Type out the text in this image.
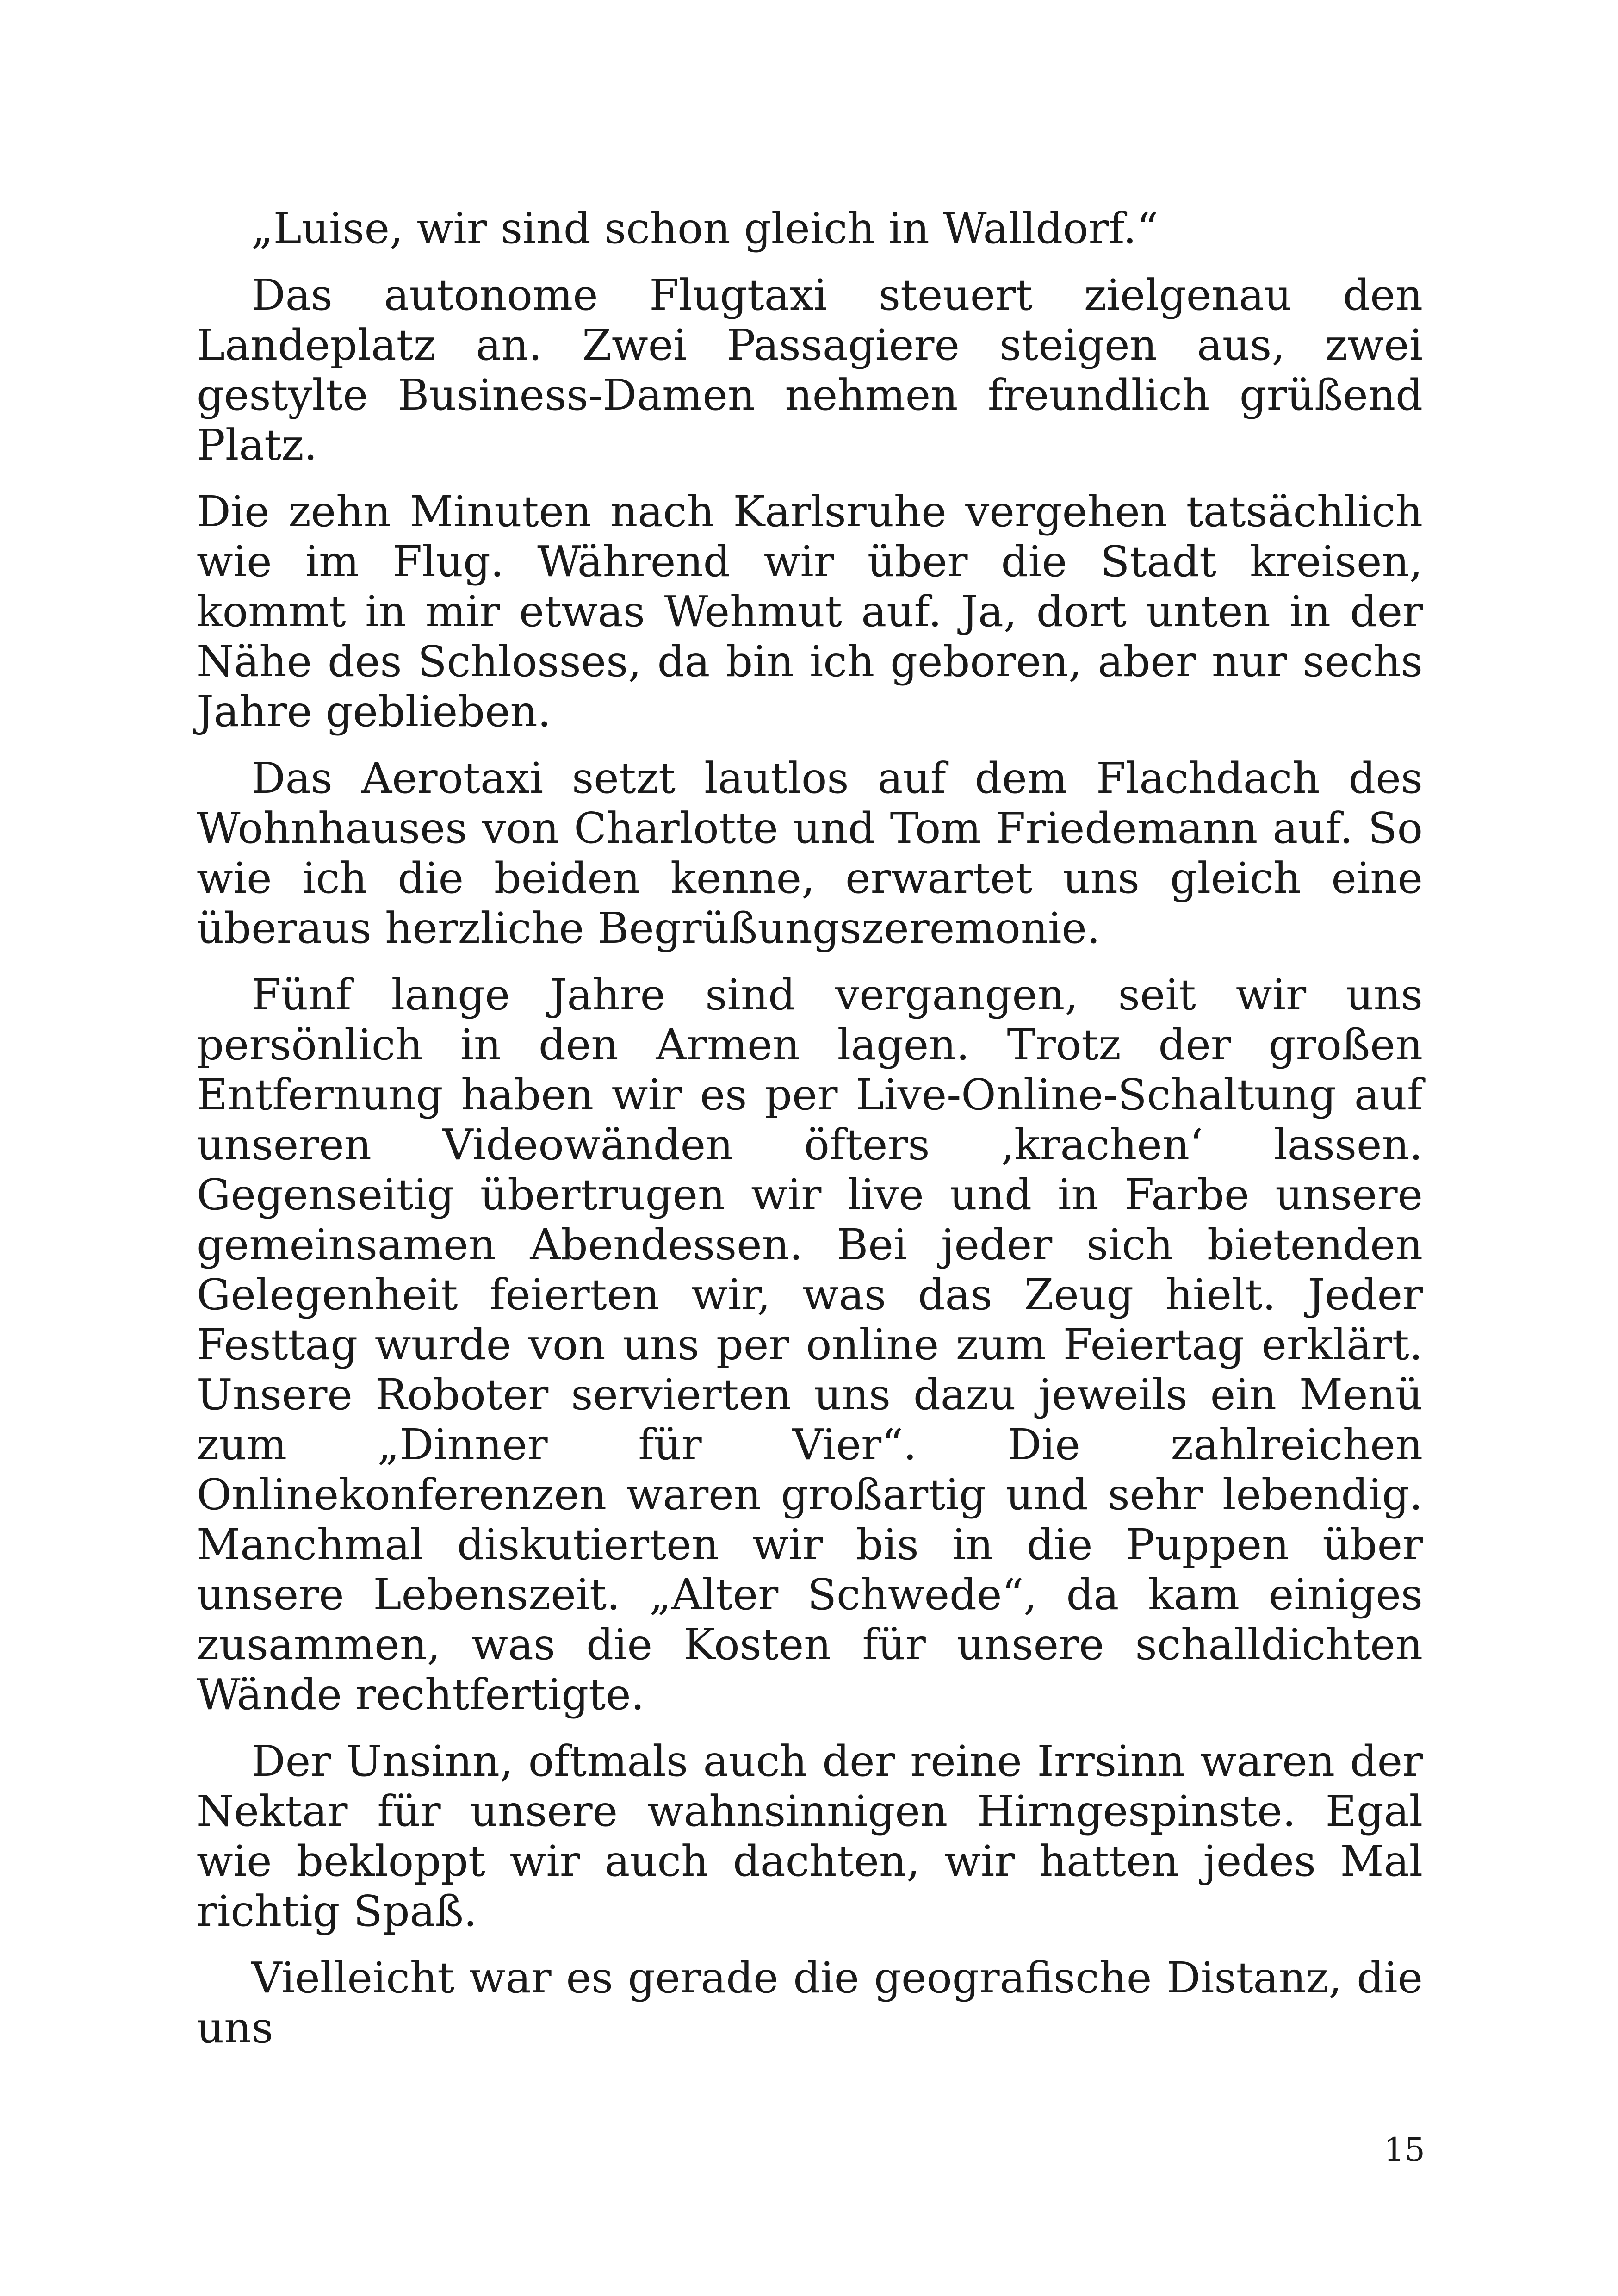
„Luise, wir sind schon gleich in Walldorf.“

Das autonome Flugtaxi steuert zielgenau den Landeplatz an. Zwei Passagiere steigen aus, zwei gestylte Business-Damen nehmen freundlich grüßend Platz.

Die zehn Minuten nach Karlsruhe vergehen tatsächlich wie im Flug. Während wir über die Stadt kreisen, kommt in mir etwas Wehmut auf. Ja, dort unten in der Nähe des Schlosses, da bin ich geboren, aber nur sechs Jahre geblieben.

Das Aerotaxi setzt lautlos auf dem Flachdach des Wohnhauses von Charlotte und Tom Friedemann auf. So wie ich die beiden kenne, erwartet uns gleich eine überaus herzliche Begrüßungszeremonie.

Fünf lange Jahre sind vergangen, seit wir uns persönlich in den Armen lagen. Trotz der großen Entfernung haben wir es per Live-Online-Schaltung auf unseren Videowänden öfters ‚krachen‘ lassen. Gegenseitig übertrugen wir live und in Farbe unsere gemeinsamen Abendessen. Bei jeder sich bietenden Gelegenheit feierten wir, was das Zeug hielt. Jeder Festtag wurde von uns per online zum Feiertag erklärt. Unsere Roboter servierten uns dazu jeweils ein Menü zum „Dinner für Vier“. Die zahlreichen Onlinekonferenzen waren großartig und sehr lebendig. Manchmal diskutierten wir bis in die Puppen über unsere Lebenszeit. „Alter Schwede“, da kam einiges zusammen, was die Kosten für unsere schalldichten Wände rechtfertigte.

Der Unsinn, oftmals auch der reine Irrsinn waren der Nektar für unsere wahnsinnigen Hirngespinste. Egal wie bekloppt wir auch dachten, wir hatten jedes Mal richtig Spaß.

Vielleicht war es gerade die geografische Distanz, die uns

15
